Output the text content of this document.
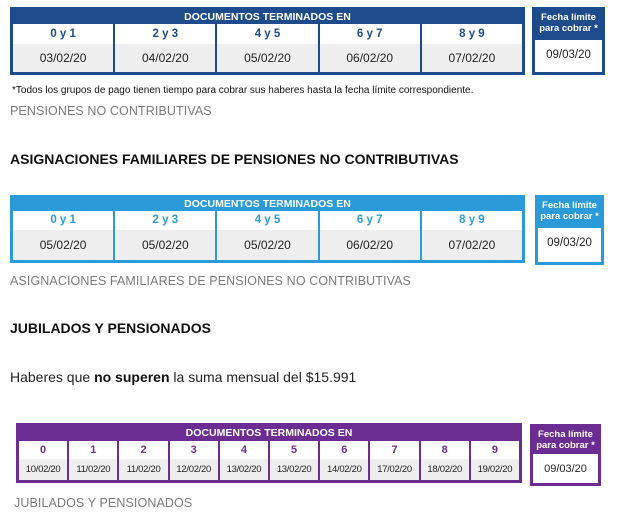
DOCUMENTOS TERMINADOS EN
0 y 1
03/02/20
2 y 3
04/02/20
4 y 5
05/02/20
6 y 7
06/02/20
8 y 9
07/02/20
Fecha límite para cobrar *
09/03/20
*Todos los grupos de pago tienen tiempo para cobrar sus haberes hasta la fecha límite correspondiente.
PENSIONES NO CONTRIBUTIVAS
ASIGNACIONES FAMILIARES DE PENSIONES NO CONTRIBUTIVAS
DOCUMENTOS TERMINADOS EN
0 y 1
05/02/20
2 y 3
05/02/20
4 y 5
05/02/20
6 y 7
06/02/20
8 y 9
07/02/20
Fecha límite para cobrar *
09/03/20
ASIGNACIONES FAMILIARES DE PENSIONES NO CONTRIBUTIVAS
JUBILADOS Y PENSIONADOS
Haberes que no superen la suma mensual del $15.991
DOCUMENTOS TERMINADOS EN
0
10/02/20
1
11/02/20
2
11/02/20
3
12/02/20
4
13/02/20
5
13/02/20
6
14/02/20
7
17/02/20
8
18/02/20
9
19/02/20
Fecha límite para cobrar *
09/03/20
JUBILADOS Y PENSIONADOS
